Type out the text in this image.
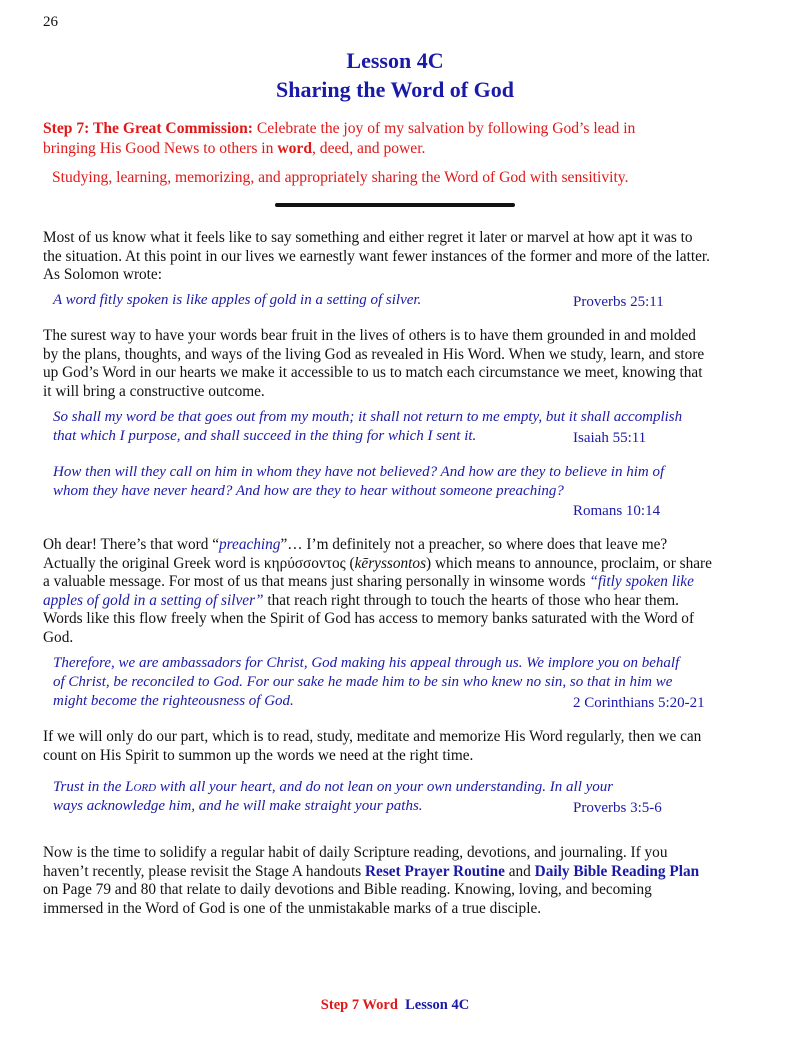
26
Lesson 4C
Sharing the Word of God
Step 7: The Great Commission: Celebrate the joy of my salvation by following God’s lead in
bringing His Good News to others in word, deed, and power.
Studying, learning, memorizing, and appropriately sharing the Word of God with sensitivity.
Most of us know what it feels like to say something and either regret it later or marvel at how apt it was to
the situation. At this point in our lives we earnestly want fewer instances of the former and more of the latter.
As Solomon wrote:
A word fitly spoken is like apples of gold in a setting of silver.	Proverbs 25:11
The surest way to have your words bear fruit in the lives of others is to have them grounded in and molded
by the plans, thoughts, and ways of the living God as revealed in His Word. When we study, learn, and store
up God’s Word in our hearts we make it accessible to us to match each circumstance we meet, knowing that
it will bring a constructive outcome.
So shall my word be that goes out from my mouth; it shall not return to me empty, but it shall accomplish
that which I purpose, and shall succeed in the thing for which I sent it.	Isaiah 55:11
How then will they call on him in whom they have not believed? And how are they to believe in him of
whom they have never heard? And how are they to hear without someone preaching?
Romans 10:14
Oh dear! There’s that word “preaching”… I’m definitely not a preacher, so where does that leave me?
Actually the original Greek word is κηρύσσοντος (kēryssontos) which means to announce, proclaim, or share
a valuable message. For most of us that means just sharing personally in winsome words “fitly spoken like
apples of gold in a setting of silver” that reach right through to touch the hearts of those who hear them.
Words like this flow freely when the Spirit of God has access to memory banks saturated with the Word of
God.
Therefore, we are ambassadors for Christ, God making his appeal through us. We implore you on behalf
of Christ, be reconciled to God. For our sake he made him to be sin who knew no sin, so that in him we
might become the righteousness of God.	2 Corinthians 5:20-21
If we will only do our part, which is to read, study, meditate and memorize His Word regularly, then we can
count on His Spirit to summon up the words we need at the right time.
Trust in the Lord with all your heart, and do not lean on your own understanding. In all your
ways acknowledge him, and he will make straight your paths.	Proverbs 3:5-6
Now is the time to solidify a regular habit of daily Scripture reading, devotions, and journaling. If you
haven’t recently, please revisit the Stage A handouts Reset Prayer Routine and Daily Bible Reading Plan
on Page 79 and 80 that relate to daily devotions and Bible reading. Knowing, loving, and becoming
immersed in the Word of God is one of the unmistakable marks of a true disciple.
Step 7 Word Lesson 4C
